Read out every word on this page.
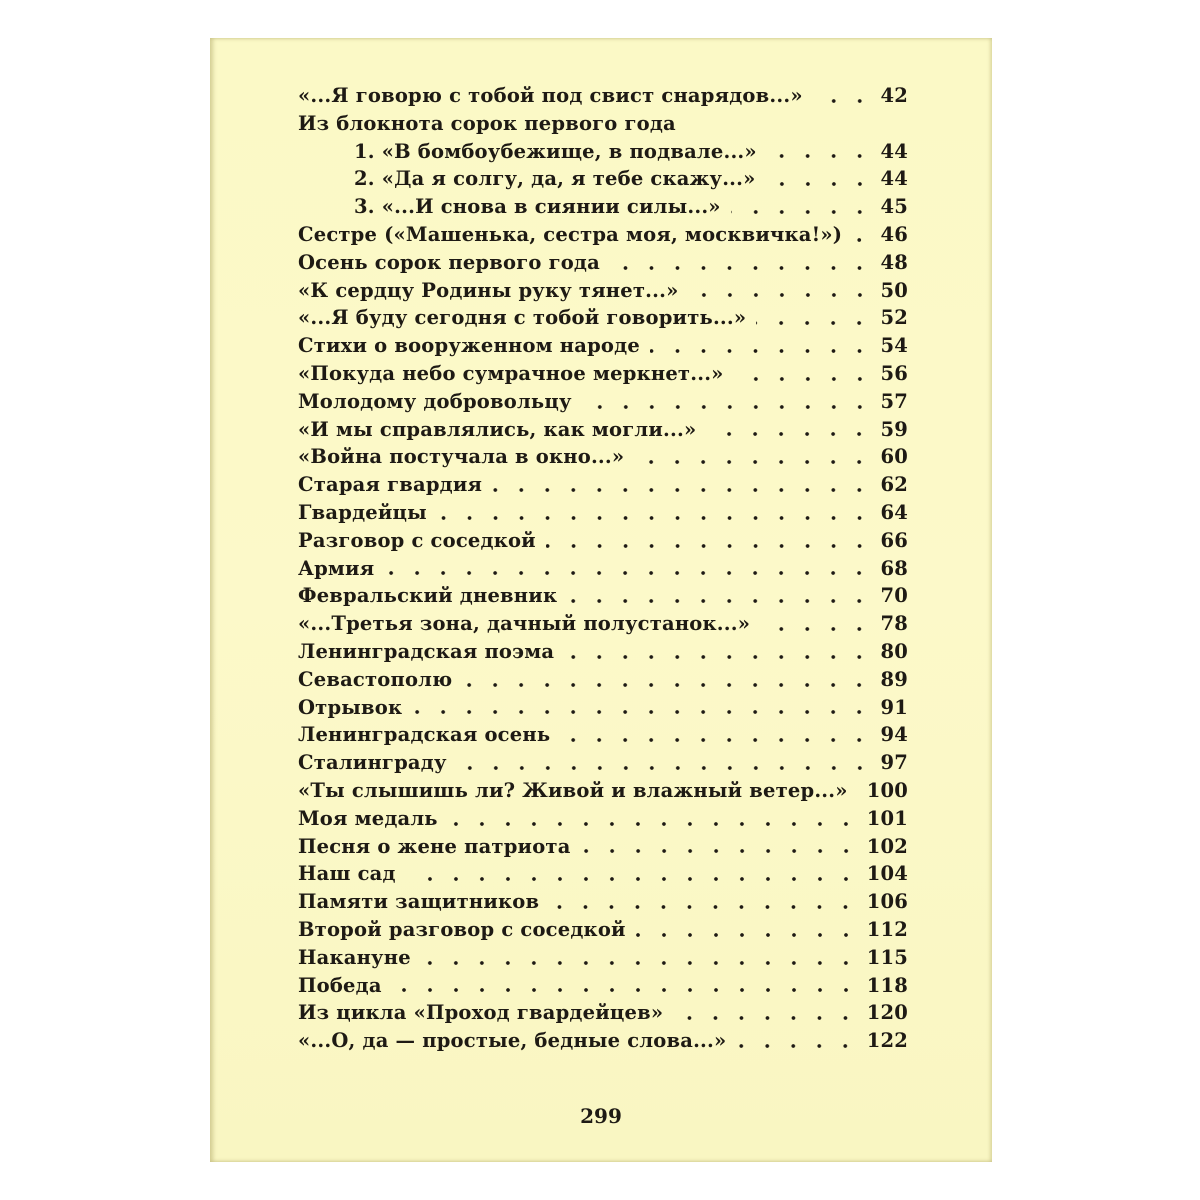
«...Я говорю с тобой под свист снарядов...»	42
Из блокнота сорок первого года
1. «В бомбоубежище, в подвале...»	44
2. «Да я солгу, да, я тебе скажу...»	44
3. «...И снова в сиянии силы...»	45
Сестре («Машенька, сестра моя, москвичка!») 46
Осень сорок первого года	48
«К сердцу Родины руку тянет...»	50
«...Я буду сегодня с тобой говорить...»	52
Стихи о вооруженном народе	54
«Покуда небо сумрачное меркнет...»	56
Молодому добровольцу	57
«И мы справлялись, как могли...»	59
«Война постучала в окно...»	60
Старая гвардия	62
Гвардейцы	64
Разговор с соседкой	66
Армия	68
Февральский дневник	70
«...Третья зона, дачный полустанок...»	78
Ленинградская поэма	80
Севастополю	89
Отрывок	91
Ленинградская осень	94
Сталинграду	97
«Ты слышишь ли? Живой и влажный ветер...» 100
Моя медаль	101
Песня о жене патриота	102
Наш сад	104
Памяти защитников	106
Второй разговор с соседкой	112
Накануне	115
Победа	118
Из цикла «Проход гвардейцев»	120
«...О, да — простые, бедные слова...»	122
299
